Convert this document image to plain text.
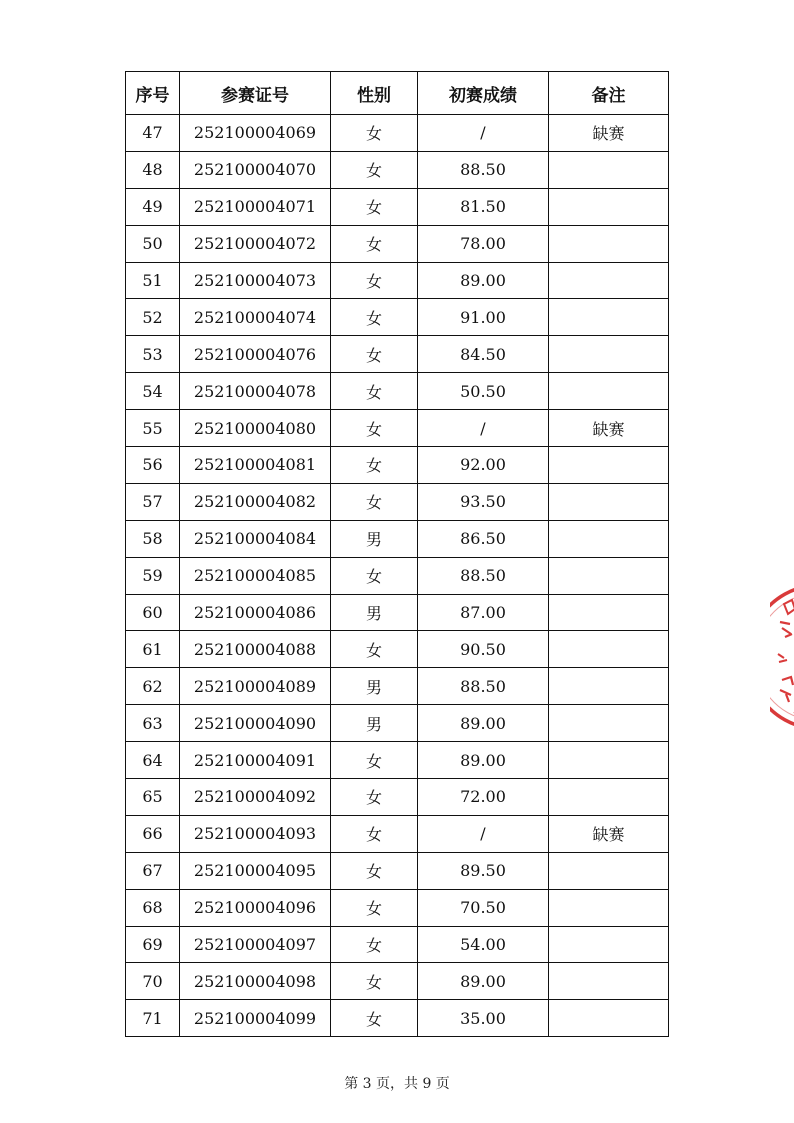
序号	参赛证号	性别	初赛成绩	备注
47	252100004069	女	/	缺赛
48	252100004070	女	88.50	
49	252100004071	女	81.50	
50	252100004072	女	78.00	
51	252100004073	女	89.00	
52	252100004074	女	91.00	
53	252100004076	女	84.50	
54	252100004078	女	50.50	
55	252100004080	女	/	缺赛
56	252100004081	女	92.00	
57	252100004082	女	93.50	
58	252100004084	男	86.50	
59	252100004085	女	88.50	
60	252100004086	男	87.00	
61	252100004088	女	90.50	
62	252100004089	男	88.50	
63	252100004090	男	89.00	
64	252100004091	女	89.00	
65	252100004092	女	72.00	
66	252100004093	女	/	缺赛
67	252100004095	女	89.50	
68	252100004096	女	70.50	
69	252100004097	女	54.00	
70	252100004098	女	89.00	
71	252100004099	女	35.00	
第 3 页，共 9 页
